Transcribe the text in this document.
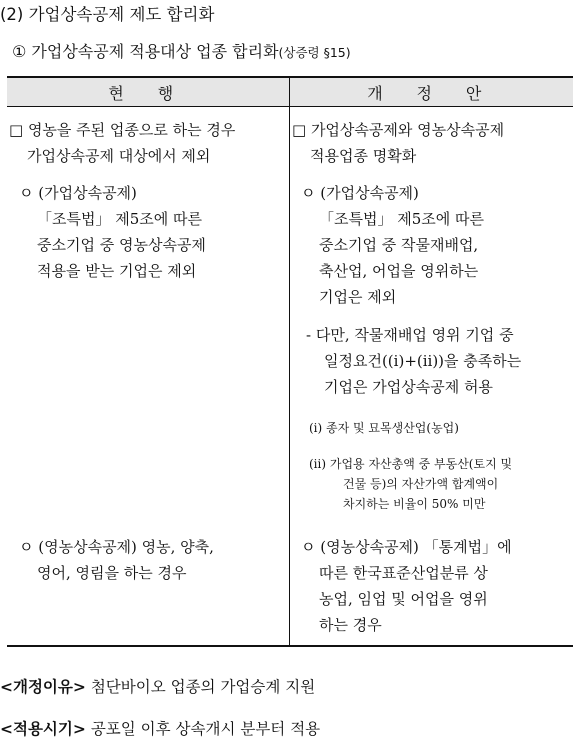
(2) 가업상속공제 제도 합리화
① 가업상속공제 적용대상 업종 합리화(상증령 §15)
현 행	개 정 안
□ 영농을 주된 업종으로 하는 경우
가업상속공제 대상에서 제외
ㅇ (가업상속공제)
「조특법」 제5조에 따른
중소기업 중 영농상속공제
적용을 받는 기업은 제외
ㅇ (영농상속공제) 영농, 양축,
영어, 영림을 하는 경우
□ 가업상속공제와 영농상속공제
적용업종 명확화
ㅇ (가업상속공제)
「조특법」 제5조에 따른
중소기업 중 작물재배업,
축산업, 어업을 영위하는
기업은 제외
- 다만, 작물재배업 영위 기업 중
일정요건((ⅰ)+(ⅱ))을 충족하는
기업은 가업상속공제 허용
(ⅰ) 종자 및 묘목생산업(농업)
(ⅱ) 가업용 자산총액 중 부동산(토지 및
건물 등)의 자산가액 합계액이
차지하는 비율이 50% 미만
ㅇ (영농상속공제) 「통계법」에
따른 한국표준산업분류 상
농업, 임업 및 어업을 영위
하는 경우
<개정이유> 첨단바이오 업종의 가업승계 지원
<적용시기> 공포일 이후 상속개시 분부터 적용
